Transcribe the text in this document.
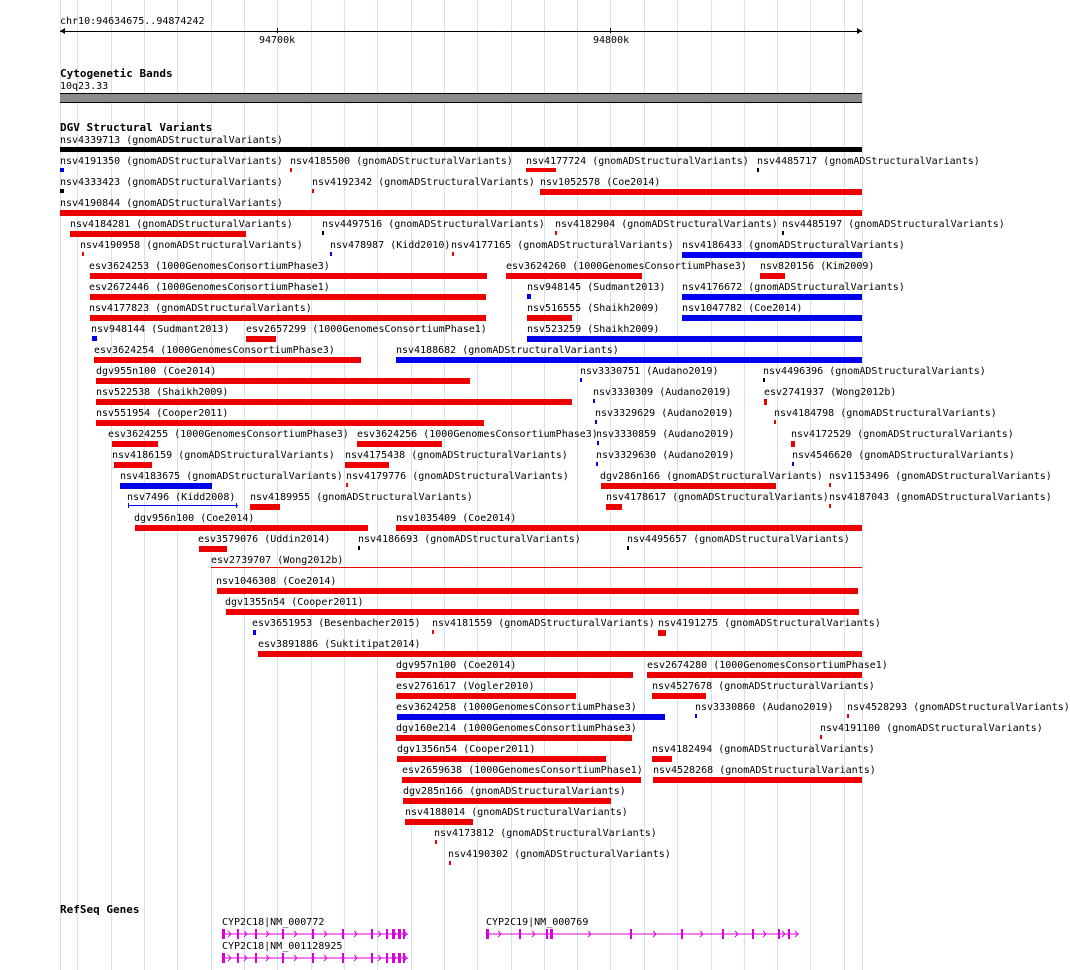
chr10:94634675..94874242
94700k	94800k
Cytogenetic Bands
10q23.33
DGV Structural Variants
nsv4339713 (gnomADStructuralVariants)
nsv4191350 (gnomADStructuralVariants) nsv4185500 (gnomADStructuralVariants) nsv4177724 (gnomADStructuralVariants) nsv4485717 (gnomADStructuralVariants)
nsv4333423 (gnomADStructuralVariants)	nsv4192342 (gnomADStructuralVariants) nsv1052578 (Coe2014)
nsv4190844 (gnomADStructuralVariants)
nsv4184281 (gnomADStructuralVariants)	nsv4497516 (gnomADStructuralVariants) nsv4182904 (gnomADStructuralVariants) nsv4485197 (gnomADStructuralVariants)
nsv4190958 (gnomADStructuralVariants)	nsv478987 (Kidd2010) nsv4177165 (gnomADStructuralVariants) nsv4186433 (gnomADStructuralVariants)
esv3624253 (1000GenomesConsortiumPhase3)	esv3624260 (1000GenomesConsortiumPhase3) nsv820156 (Kim2009)
esv2672446 (1000GenomesConsortiumPhase1)	nsv948145 (Sudmant2013) nsv4176672 (gnomADStructuralVariants)
nsv4177823 (gnomADStructuralVariants)	nsv516555 (Shaikh2009) nsv1047782 (Coe2014)
nsv948144 (Sudmant2013) esv2657299 (1000GenomesConsortiumPhase1)	nsv523259 (Shaikh2009)
esv3624254 (1000GenomesConsortiumPhase3)	nsv4188682 (gnomADStructuralVariants)
dgv955n100 (Coe2014)	nsv3330751 (Audano2019)	nsv4496396 (gnomADStructuralVariants)
nsv522538 (Shaikh2009)	nsv3330309 (Audano2019)	esv2741937 (Wong2012b)
nsv551954 (Cooper2011)	nsv3329629 (Audano2019)	nsv4184798 (gnomADStructuralVariants)
esv3624255 (1000GenomesConsortiumPhase3) esv3624256 (1000GenomesConsortiumPhase3)
nsv3330859 (Audano2019)	nsv4172529 (gnomADStructuralVariants)
nsv4186159 (gnomADStructuralVariants) nsv4175438 (gnomADStructuralVariants)	nsv3329630 (Audano2019)	nsv4546620 (gnomADStructuralVariants)
nsv4183675 (gnomADStructuralVariants) nsv4179776 (gnomADStructuralVariants)	dgv286n166 (gnomADStructuralVariants) nsv1153496 (gnomADStructuralVariants)
nsv7496 (Kidd2008) nsv4189955 (gnomADStructuralVariants)	nsv4178617 (gnomADStructuralVariants) nsv4187043 (gnomADStructuralVariants)
dgv956n100 (Coe2014)	nsv1035409 (Coe2014)
esv3579076 (Uddin2014)	nsv4186693 (gnomADStructuralVariants)	nsv4495657 (gnomADStructuralVariants)
esv2739707 (Wong2012b)
nsv1046308 (Coe2014)
dgv1355n54 (Cooper2011)
esv3651953 (Besenbacher2015) nsv4181559 (gnomADStructuralVariants) nsv4191275 (gnomADStructuralVariants)
esv3891886 (Suktitipat2014)
dgv957n100 (Coe2014)	esv2674280 (1000GenomesConsortiumPhase1)
esv2761617 (Vogler2010)	nsv4527678 (gnomADStructuralVariants)
esv3624258 (1000GenomesConsortiumPhase3)	nsv3330860 (Audano2019) nsv4528293 (gnomADStructuralVariants)
dgv160e214 (1000GenomesConsortiumPhase3)	nsv4191100 (gnomADStructuralVariants)
dgv1356n54 (Cooper2011)	nsv4182494 (gnomADStructuralVariants)
esv2659638 (1000GenomesConsortiumPhase1) nsv4528268 (gnomADStructuralVariants)
dgv285n166 (gnomADStructuralVariants)
nsv4188014 (gnomADStructuralVariants)
nsv4173812 (gnomADStructuralVariants)
nsv4190302 (gnomADStructuralVariants)
RefSeq Genes
CYP2C18|NM_000772	CYP2C19|NM_000769
CYP2C18|NM_001128925
